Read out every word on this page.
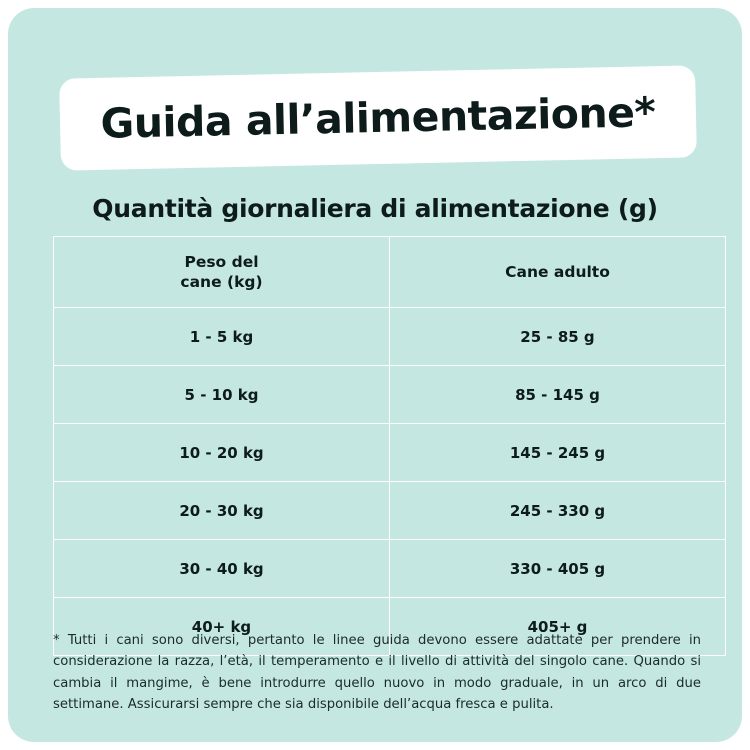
Guida all’alimentazione*
Quantità giornaliera di alimentazione (g)
Peso del
cane (kg)	Cane adulto
1 - 5 kg	25 - 85 g
5 - 10 kg	85 - 145 g
10 - 20 kg	145 - 245 g
20 - 30 kg	245 - 330 g
30 - 40 kg	330 - 405 g
40+ kg	405+ g
* Tutti i cani sono diversi, pertanto le linee guida devono essere adattate per prendere in considerazione la razza, l’età, il temperamento e il livello di attività del singolo cane. Quando si cambia il mangime, è bene introdurre quello nuovo in modo graduale, in un arco di due settimane. Assicurarsi sempre che sia disponibile dell’acqua fresca e pulita.
